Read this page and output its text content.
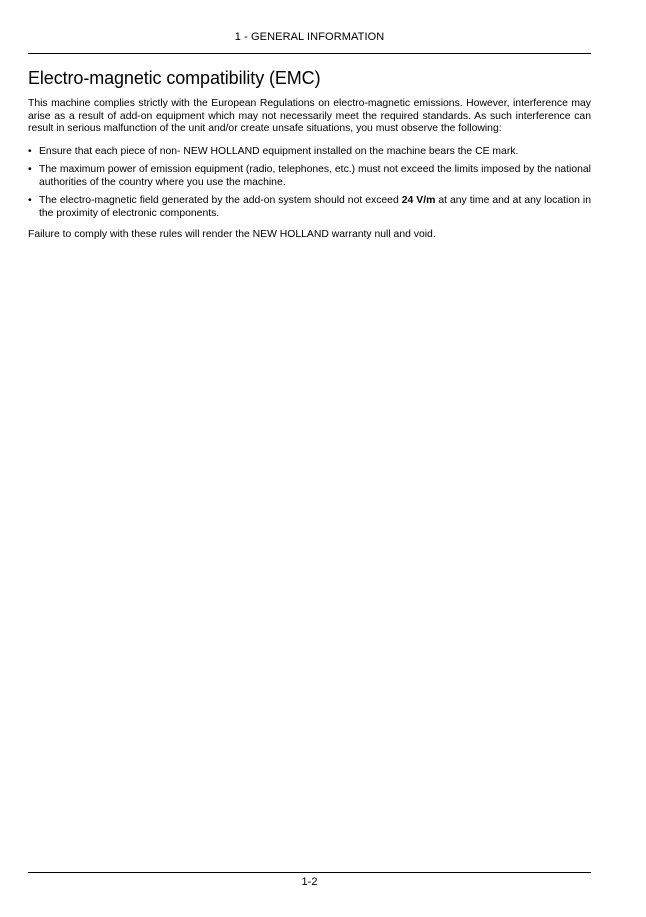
1 - GENERAL INFORMATION
Electro-magnetic compatibility (EMC)

This machine complies strictly with the European Regulations on electro-magnetic emissions. However, interference may arise as a result of add-on equipment which may not necessarily meet the required standards. As such interference can result in serious malfunction of the unit and/or create unsafe situations, you must observe the following:

• Ensure that each piece of non- NEW HOLLAND equipment installed on the machine bears the CE mark.
• The maximum power of emission equipment (radio, telephones, etc.) must not exceed the limits imposed by the national authorities of the country where you use the machine.
• The electro-magnetic field generated by the add-on system should not exceed 24 V/m at any time and at any location in the proximity of electronic components.

Failure to comply with these rules will render the NEW HOLLAND warranty null and void.

1-2
